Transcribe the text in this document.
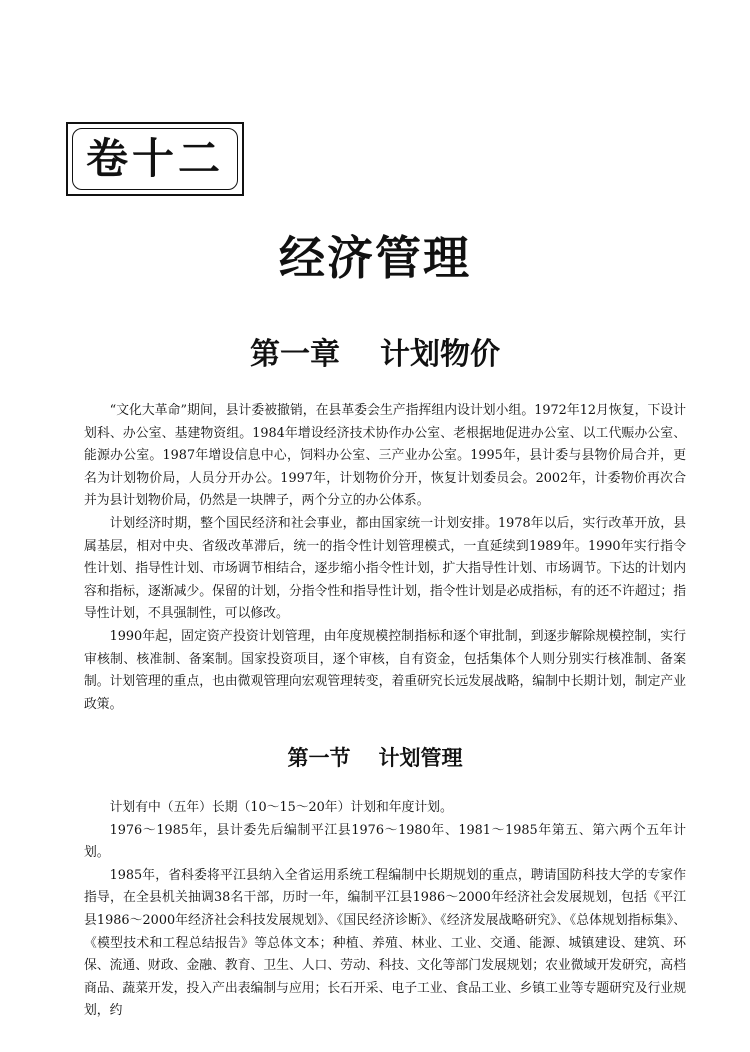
卷十二
经济管理
第一章 计划物价

“文化大革命”期间，县计委被撤销，在县革委会生产指挥组内设计划小组。1972年12月恢复，下设计划科、办公室、基建物资组。1984年增设经济技术协作办公室、老根据地促进办公室、以工代赈办公室、能源办公室。1987年增设信息中心，饲料办公室、三产业办公室。1995年，县计委与县物价局合并，更名为计划物价局，人员分开办公。1997年，计划物价分开，恢复计划委员会。2002年，计委物价再次合并为县计划物价局，仍然是一块牌子，两个分立的办公体系。

计划经济时期，整个国民经济和社会事业，都由国家统一计划安排。1978年以后，实行改革开放，县属基层，相对中央、省级改革滞后，统一的指令性计划管理模式，一直延续到1989年。1990年实行指令性计划、指导性计划、市场调节相结合，逐步缩小指令性计划，扩大指导性计划、市场调节。下达的计划内容和指标，逐渐减少。保留的计划，分指令性和指导性计划，指令性计划是必成指标，有的还不许超过；指导性计划，不具强制性，可以修改。

1990年起，固定资产投资计划管理，由年度规模控制指标和逐个审批制，到逐步解除规模控制，实行审核制、核准制、备案制。国家投资项目，逐个审核，自有资金，包括集体个人则分别实行核准制、备案制。计划管理的重点，也由微观管理向宏观管理转变，着重研究长远发展战略，编制中长期计划，制定产业政策。

第一节 计划管理

计划有中（五年）长期（10～15～20年）计划和年度计划。

1976～1985年，县计委先后编制平江县1976～1980年、1981～1985年第五、第六两个五年计划。

1985年，省科委将平江县纳入全省运用系统工程编制中长期规划的重点，聘请国防科技大学的专家作指导，在全县机关抽调38名干部，历时一年，编制平江县1986～2000年经济社会发展规划，包括《平江县1986～2000年经济社会科技发展规划》、《国民经济诊断》、《经济发展战略研究》、《总体规划指标集》、《模型技术和工程总结报告》等总体文本；种植、养殖、林业、工业、交通、能源、城镇建设、建筑、环保、流通、财政、金融、教育、卫生、人口、劳动、科技、文化等部门发展规划；农业微域开发研究，高档商品、蔬菜开发，投入产出表编制与应用；长石开采、电子工业、食品工业、乡镇工业等专题研究及行业规划，约
